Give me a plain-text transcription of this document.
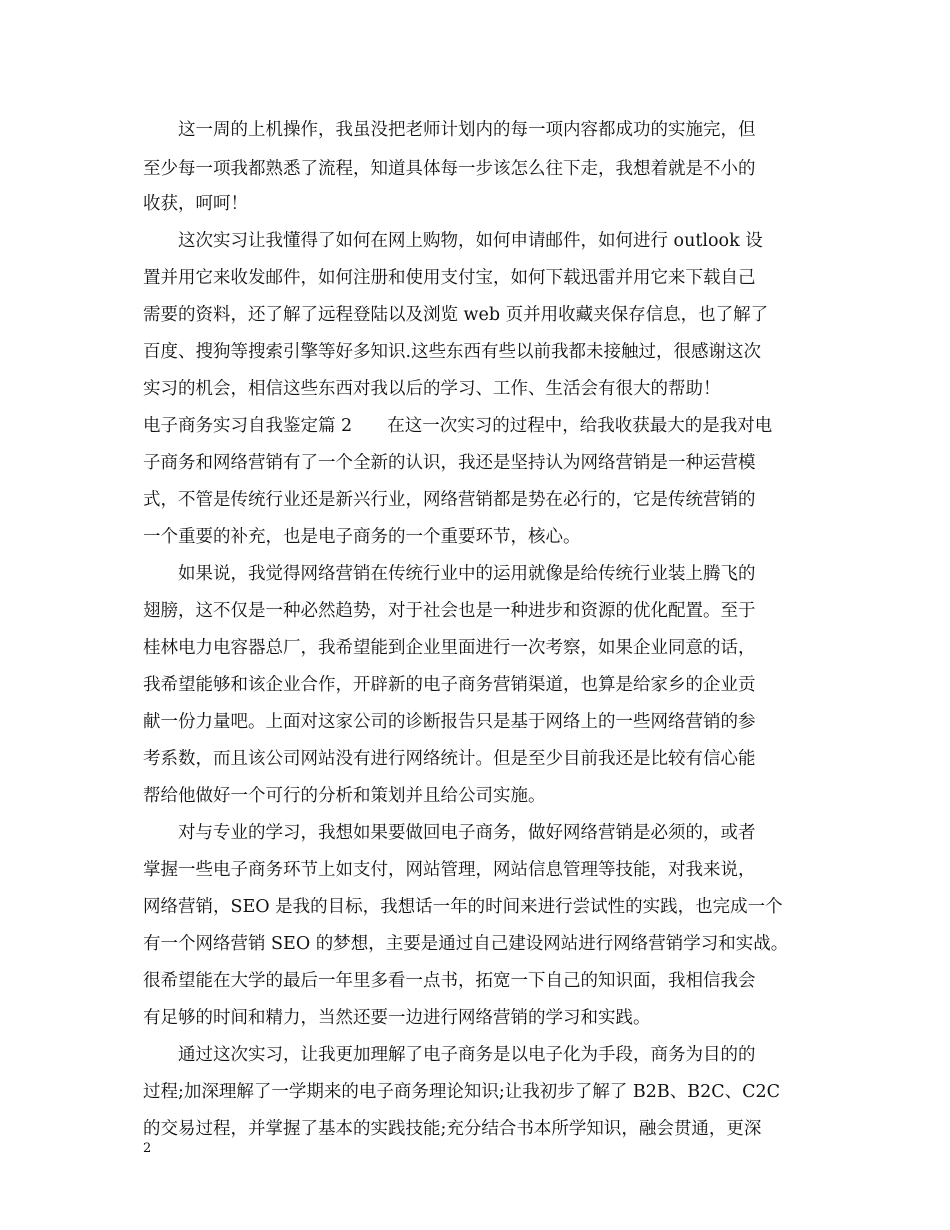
这一周的上机操作，我虽没把老师计划内的每一项内容都成功的实施完，但

至少每一项我都熟悉了流程，知道具体每一步该怎么往下走，我想着就是不小的

收获，呵呵！

这次实习让我懂得了如何在网上购物，如何申请邮件，如何进行 outlook 设

置并用它来收发邮件，如何注册和使用支付宝，如何下载迅雷并用它来下载自己

需要的资料，还了解了远程登陆以及浏览 web 页并用收藏夹保存信息，也了解了

百度、搜狗等搜索引擎等好多知识.这些东西有些以前我都未接触过，很感谢这次

实习的机会，相信这些东西对我以后的学习、工作、生活会有很大的帮助！

电子商务实习自我鉴定篇 2　　在这一次实习的过程中，给我收获最大的是我对电

子商务和网络营销有了一个全新的认识，我还是坚持认为网络营销是一种运营模

式，不管是传统行业还是新兴行业，网络营销都是势在必行的，它是传统营销的

一个重要的补充，也是电子商务的一个重要环节，核心。

如果说，我觉得网络营销在传统行业中的运用就像是给传统行业装上腾飞的

翅膀，这不仅是一种必然趋势，对于社会也是一种进步和资源的优化配置。至于

桂林电力电容器总厂，我希望能到企业里面进行一次考察，如果企业同意的话，

我希望能够和该企业合作，开辟新的电子商务营销渠道，也算是给家乡的企业贡

献一份力量吧。上面对这家公司的诊断报告只是基于网络上的一些网络营销的参

考系数，而且该公司网站没有进行网络统计。但是至少目前我还是比较有信心能

帮给他做好一个可行的分析和策划并且给公司实施。

对与专业的学习，我想如果要做回电子商务，做好网络营销是必须的，或者

掌握一些电子商务环节上如支付，网站管理，网站信息管理等技能，对我来说，

网络营销，SEO 是我的目标，我想话一年的时间来进行尝试性的实践，也完成一个

有一个网络营销 SEO 的梦想，主要是通过自己建设网站进行网络营销学习和实战。

很希望能在大学的最后一年里多看一点书，拓宽一下自己的知识面，我相信我会

有足够的时间和精力，当然还要一边进行网络营销的学习和实践。

通过这次实习，让我更加理解了电子商务是以电子化为手段，商务为目的的

过程;加深理解了一学期来的电子商务理论知识;让我初步了解了 B2B、B2C、C2C

的交易过程，并掌握了基本的实践技能;充分结合书本所学知识，融会贯通，更深

2
